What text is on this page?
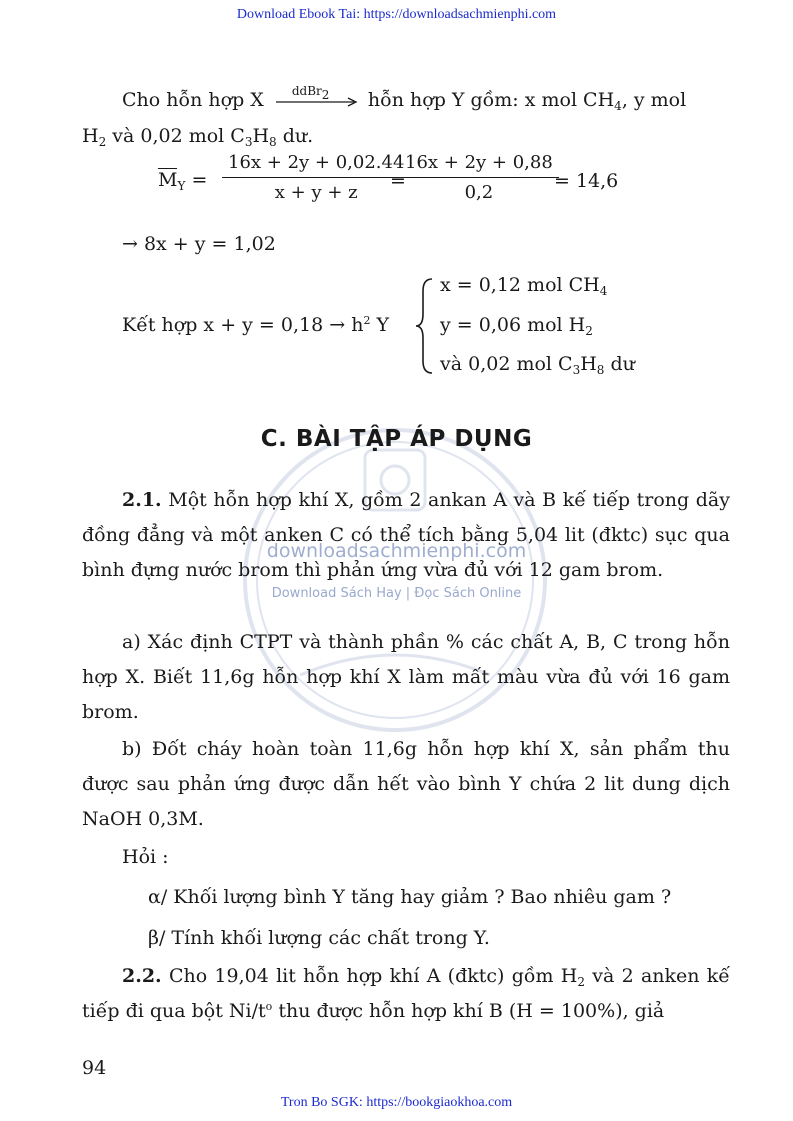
Download Ebook Tai: https://downloadsachmienphi.com
downloadsachmienphi.com
Download Sách Hay | Đọc Sách Online
Cho hỗn hợp X ddBr$_2$ hỗn hợp Y gồm: x mol $CH_4$, y mol
$H_2$ và 0,02 mol $C_3H_8$ dư.
$M_Y = \frac{16x + 2y + 0,02.44}{x + y + z}$
=
$\frac{16x + 2y + 0,88}{0,2}$
= 14,6
→ 8x + y = 1,02
Kết hợp $x + y = 0,18 \to h^2$ Y
x = 0,12 mol $CH_4$
y = 0,06 mol $H_2$
và 0,02 mol $C_3H_8$ dư
C. BÀI TẬP ÁP DỤNG
2.1. Một hỗn hợp khí X, gồm 2 ankan A và B kế tiếp trong dãy đồng đẳng và một anken C có thể tích bằng 5,04 lit (đktc) sục qua bình đựng nước brom thì phản ứng vừa đủ với 12 gam brom.
a) Xác định CTPT và thành phần % các chất A, B, C trong hỗn hợp X. Biết 11,6g hỗn hợp khí X làm mất màu vừa đủ với 16 gam brom.
b) Đốt cháy hoàn toàn 11,6g hỗn hợp khí X, sản phẩm thu được sau phản ứng được dẫn hết vào bình Y chứa 2 lit dung dịch NaOH 0,3M.
Hỏi :
α/ Khối lượng bình Y tăng hay giảm ? Bao nhiêu gam ?
β/ Tính khối lượng các chất trong Y.
2.2. Cho 19,04 lit hỗn hợp khí A (đktc) gồm $H_2$ và 2 anken kế tiếp đi qua bột $Ni/t^o$ thu được hỗn hợp khí B (H = 100%), giả
94
Tron Bo SGK: https://bookgiaokhoa.com
